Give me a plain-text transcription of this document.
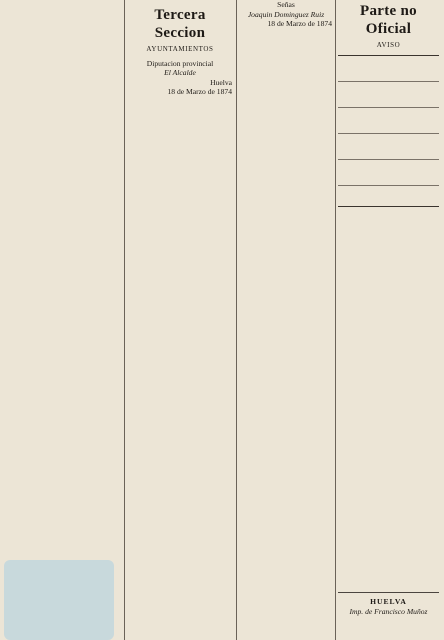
Tercera Seccion
AYUNTAMIENTOS

Diputacion provincial

El Alcalde

Huelva

18 de Marzo de 1874

Señas

Joaquin Dominguez Ruiz

18 de Marzo de 1874

Parte no Oficial
AVISO
HUELVA
Imp. de Francisco Muñoz
